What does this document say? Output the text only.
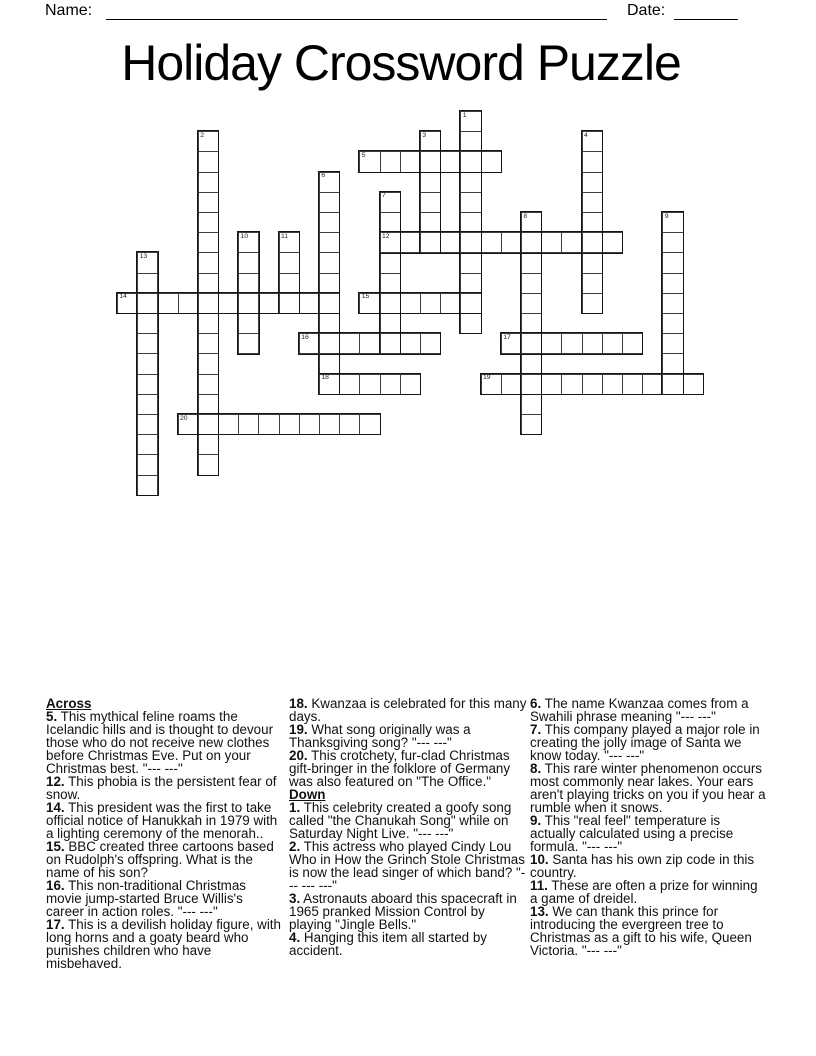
Name:	Date:
Holiday Crossword Puzzle
1
2	3	4
5
6
18
7
12
8	9
10	11
13
14	15
16	17
19
20
Across
5. This mythical feline roams the Icelandic hills and is thought to devour those who do not receive new clothes before Christmas Eve. Put on your Christmas best. "--- ---"
12. This phobia is the persistent fear of snow.
14. This president was the first to take official notice of Hanukkah in 1979 with a lighting ceremony of the menorah..
15. BBC created three cartoons based on Rudolph's offspring. What is the name of his son?
16. This non-traditional Christmas movie jump-started Bruce Willis's career in action roles. "--- ---"
17. This is a devilish holiday figure, with long horns and a goaty beard who punishes children who have misbehaved.
18. Kwanzaa is celebrated for this many days.
19. What song originally was a Thanksgiving song? "--- ---"
20. This crotchety, fur-clad Christmas gift-bringer in the folklore of Germany was also featured on "The Office."
Down
1. This celebrity created a goofy song called "the Chanukah Song" while on Saturday Night Live. "--- ---"
2. This actress who played Cindy Lou Who in How the Grinch Stole Christmas is now the lead singer of which band? "--- --- ---"
3. Astronauts aboard this spacecraft in 1965 pranked Mission Control by playing "Jingle Bells."
4. Hanging this item all started by accident.
6. The name Kwanzaa comes from a Swahili phrase meaning "--- ---"
7. This company played a major role in creating the jolly image of Santa we know today. "--- ---"
8. This rare winter phenomenon occurs most commonly near lakes. Your ears aren't playing tricks on you if you hear a rumble when it snows.
9. This "real feel" temperature is actually calculated using a precise formula. "--- ---"
10. Santa has his own zip code in this country.
11. These are often a prize for winning a game of dreidel.
13. We can thank this prince for introducing the evergreen tree to Christmas as a gift to his wife, Queen Victoria. "--- ---"
